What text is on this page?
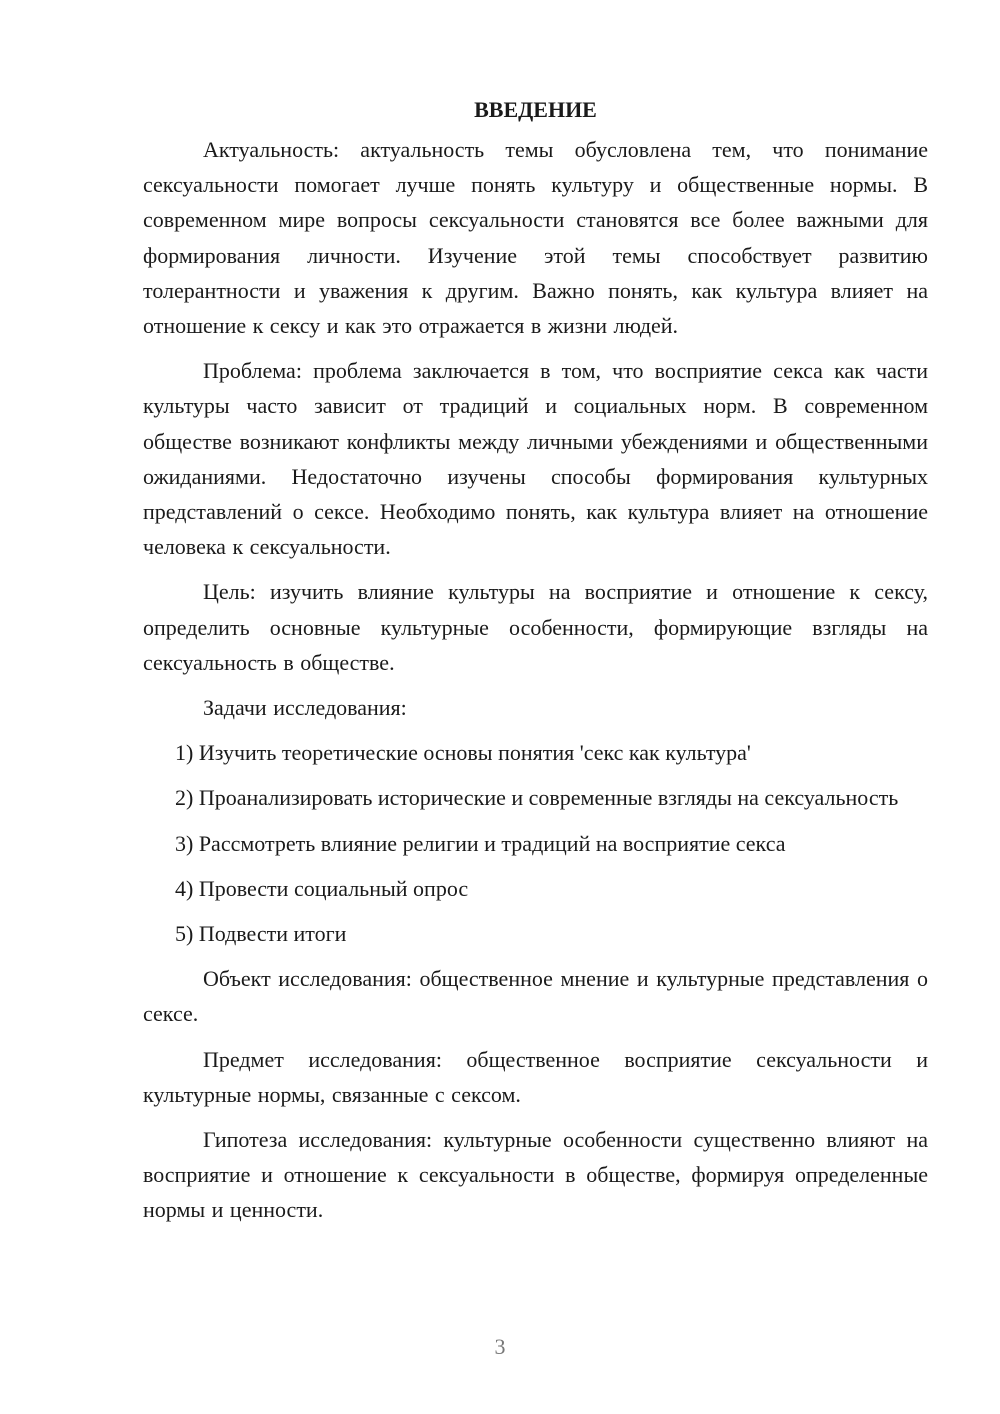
ВВЕДЕНИЕ

Актуальность: актуальность темы обусловлена тем, что понимание сексуальности помогает лучше понять культуру и общественные нормы. В современном мире вопросы сексуальности становятся все более важными для формирования личности. Изучение этой темы способствует развитию толерантности и уважения к другим. Важно понять, как культура влияет на отношение к сексу и как это отражается в жизни людей.

Проблема: проблема заключается в том, что восприятие секса как части культуры часто зависит от традиций и социальных норм. В современном обществе возникают конфликты между личными убеждениями и общественными ожиданиями. Недостаточно изучены способы формирования культурных представлений о сексе. Необходимо понять, как культура влияет на отношение человека к сексуальности.

Цель: изучить влияние культуры на восприятие и отношение к сексу, определить основные культурные особенности, формирующие взгляды на сексуальность в обществе.

Задачи исследования:

1) Изучить теоретические основы понятия 'секс как культура'

2) Проанализировать исторические и современные взгляды на сексуальность

3) Рассмотреть влияние религии и традиций на восприятие секса

4) Провести социальный опрос

5) Подвести итоги

Объект исследования: общественное мнение и культурные представления о сексе.

Предмет исследования: общественное восприятие сексуальности и культурные нормы, связанные с сексом.

Гипотеза исследования: культурные особенности существенно влияют на восприятие и отношение к сексуальности в обществе, формируя определенные нормы и ценности.

3
